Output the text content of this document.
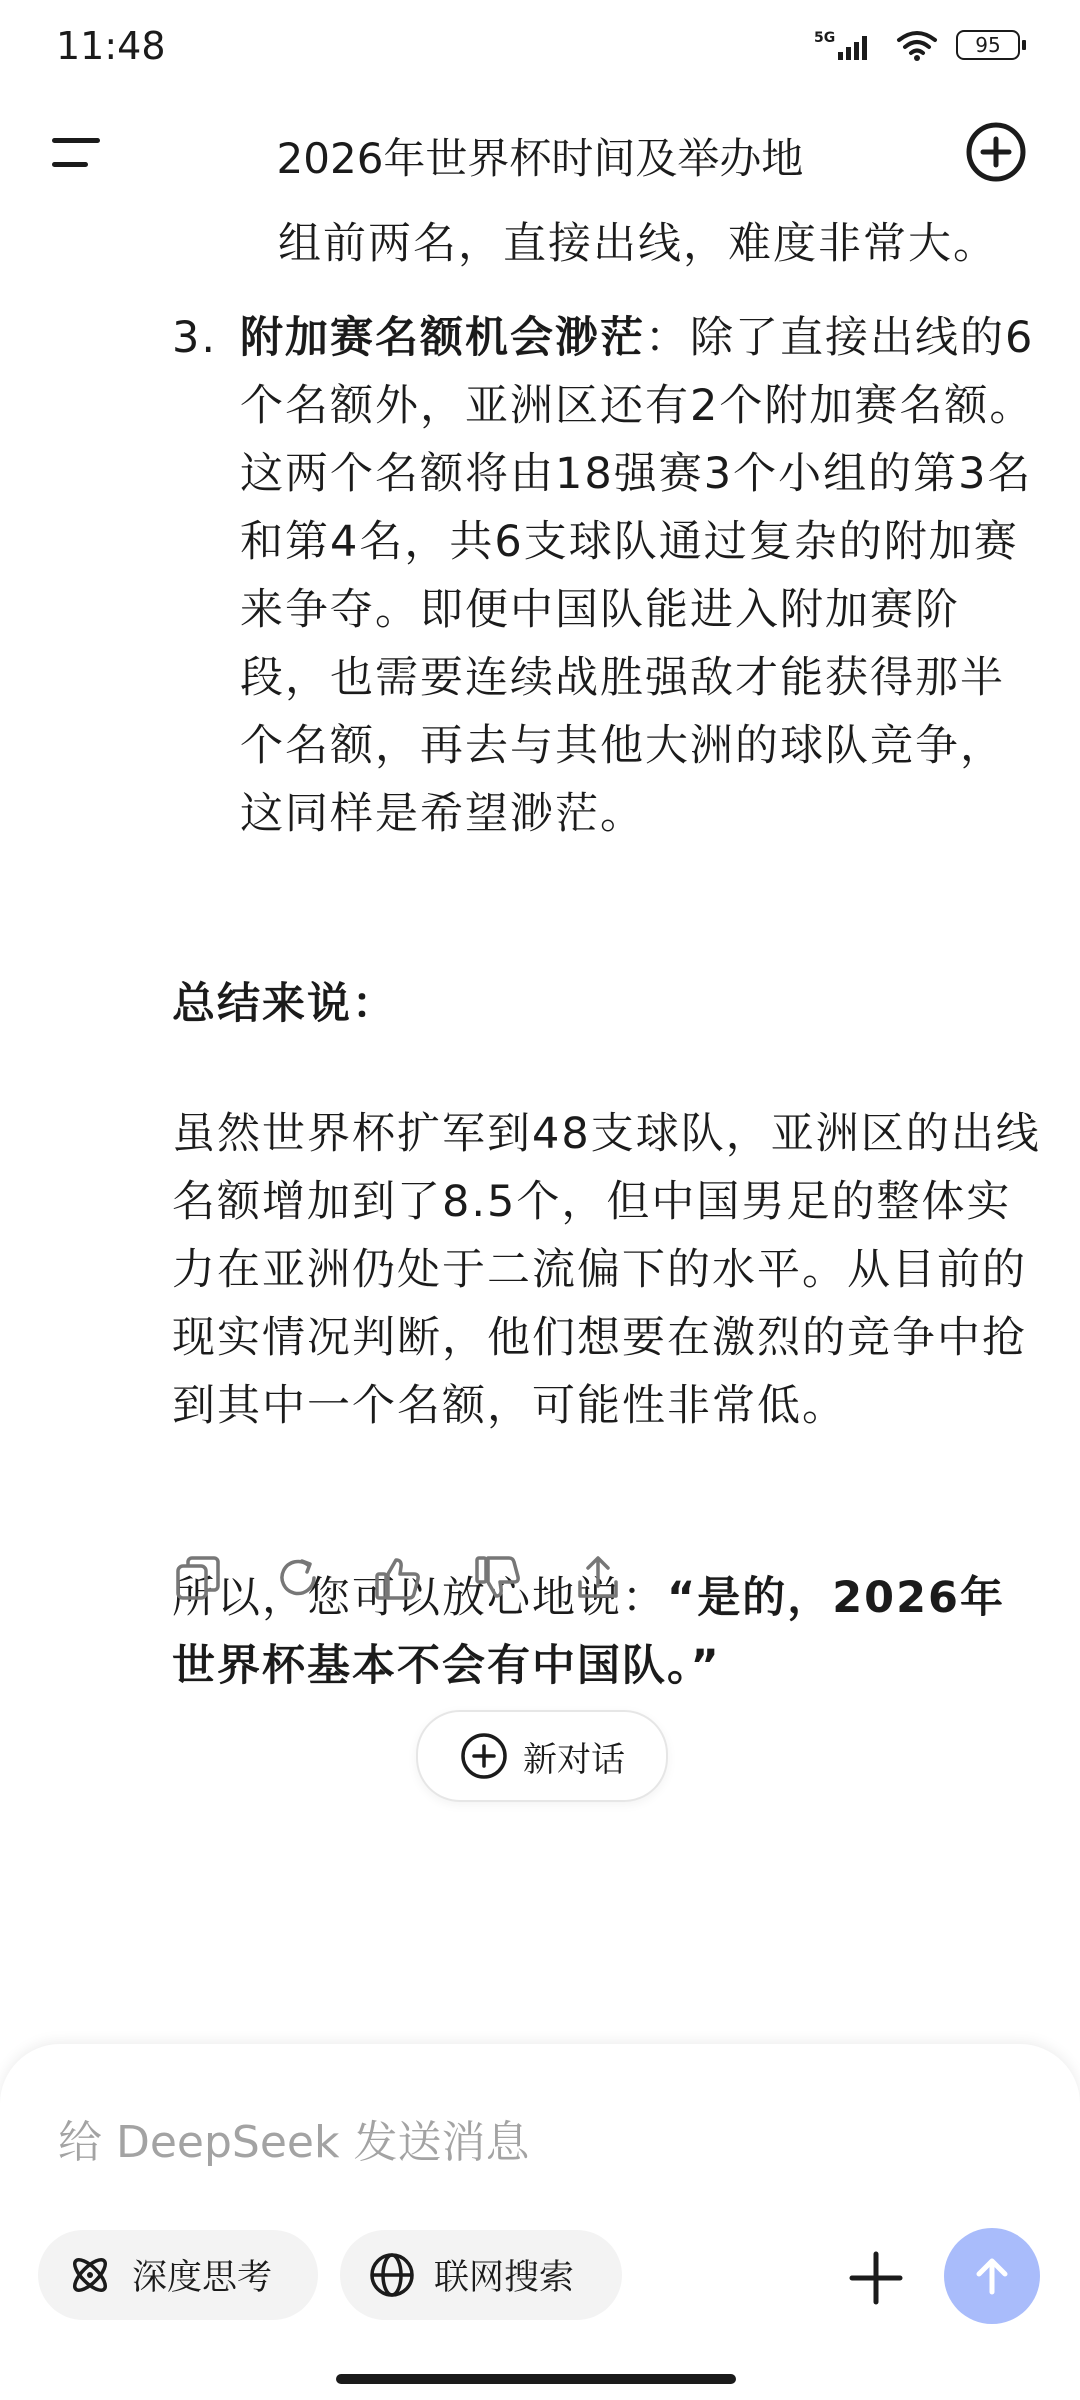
11:48	5G	95
2026年世界杯时间及举办地
组前两名，直接出线，难度非常大。
3. 附加赛名额机会渺茫：除了直接出线的6个名额外，亚洲区还有2个附加赛名额。这两个名额将由18强赛3个小组的第3名和第4名，共6支球队通过复杂的附加赛来争夺。即便中国队能进入附加赛阶段，也需要连续战胜强敌才能获得那半个名额，再去与其他大洲的球队竞争，这同样是希望渺茫。
总结来说：
虽然世界杯扩军到48支球队，亚洲区的出线名额增加到了8.5个，但中国男足的整体实力在亚洲仍处于二流偏下的水平。从目前的现实情况判断，他们想要在激烈的竞争中抢到其中一个名额，可能性非常低。
所以，您可以放心地说：“是的，2026年世界杯基本不会有中国队。”
新对话
给 DeepSeek 发送消息
深度思考	联网搜索
